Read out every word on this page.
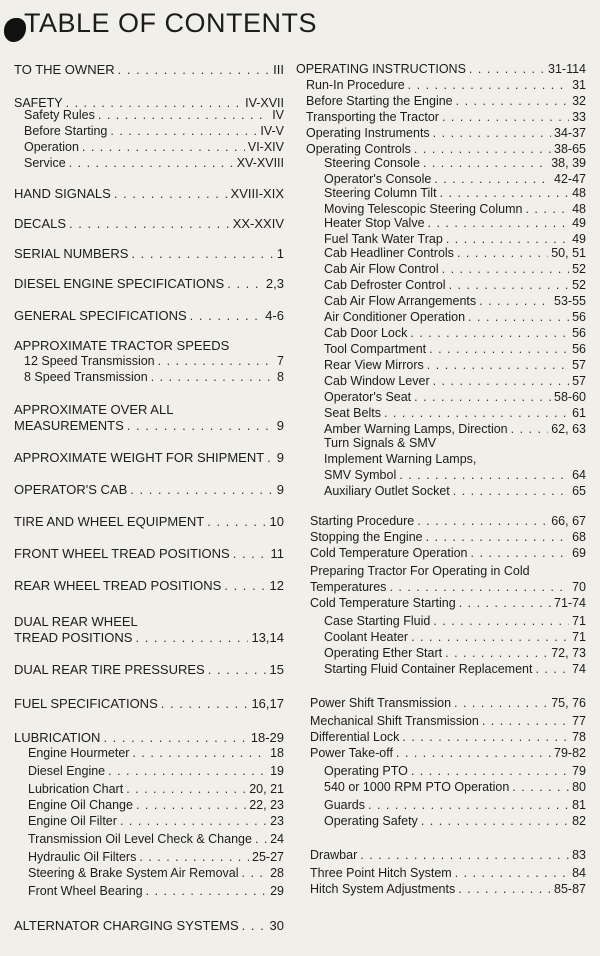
TABLE OF CONTENTS
TO THE OWNER . . .	III
SAFETY . . .	IV-XVII
Safety Rules . . .	IV
Before Starting . . .	IV-V
Operation . . .	VI-XIV
Service . . .	XV-XVIII
HAND SIGNALS . . .	XVIII-XIX
DECALS . . .	XX-XXIV
SERIAL NUMBERS . . .	1
DIESEL ENGINE SPECIFICATIONS . . .	2,3
GENERAL SPECIFICATIONS . . .	4-6
APPROXIMATE TRACTOR SPEEDS
12 Speed Transmission . . .	7
8 Speed Transmission . . .	8
APPROXIMATE OVER ALL
MEASUREMENTS . . .	9
APPROXIMATE WEIGHT FOR SHIPMENT . . . 9
OPERATOR'S CAB . . .	9
TIRE AND WHEEL EQUIPMENT . . .	10
FRONT WHEEL TREAD POSITIONS . . .	11
REAR WHEEL TREAD POSITIONS . . .	12
DUAL REAR WHEEL
TREAD POSITIONS . . .	13,14
DUAL REAR TIRE PRESSURES . . .	15
FUEL SPECIFICATIONS . . .	16,17
LUBRICATION . . .	18-29
Engine Hourmeter . . .	18
Diesel Engine . . .	19
Lubrication Chart . . .	20, 21
Engine Oil Change . . .	22, 23
Engine Oil Filter . . .	23
Transmission Oil Level Check & Change . . . 24
Hydraulic Oil Filters . . .	25-27
Steering & Brake System Air Removal . . .	28
Front Wheel Bearing . . .	29
ALTERNATOR CHARGING SYSTEMS . . . 30
OPERATING INSTRUCTIONS . . .	31-114
Run-In Procedure . . .	31
Before Starting the Engine . . .	32
Transporting the Tractor . . .	33
Operating Instruments . . .	34-37
Operating Controls . . .	38-65
Steering Console . . .	38, 39
Operator's Console . . .	42-47
Steering Column Tilt . . .	48
Moving Telescopic Steering Column . . .	48
Heater Stop Valve . . .	49
Fuel Tank Water Trap . . .	49
Cab Headliner Controls . . .	50, 51
Cab Air Flow Control . . .	52
Cab Defroster Control . . .	52
Cab Air Flow Arrangements . . .	53-55
Air Conditioner Operation . . .	56
Cab Door Lock . . .	56
Tool Compartment . . .	56
Rear View Mirrors . . .	57
Cab Window Lever . . .	57
Operator's Seat . . .	58-60
Seat Belts . . .	61
Amber Warning Lamps, Direction . . .	62, 63
Turn Signals & SMV
Implement Warning Lamps,
SMV Symbol . . .	64
Auxiliary Outlet Socket . . .	65
Starting Procedure . . .	66, 67
Stopping the Engine . . .	68
Cold Temperature Operation . . .	69
Preparing Tractor For Operating in Cold
Temperatures . . .	70
Cold Temperature Starting . . .	71-74
Case Starting Fluid . . .	71
Coolant Heater . . .	71
Operating Ether Start . . .	72, 73
Starting Fluid Container Replacement . . .	74
Power Shift Transmission . . .	75, 76
Mechanical Shift Transmission . . .	77
Differential Lock . . .	78
Power Take-off . . .	79-82
Operating PTO . . .	79
540 or 1000 RPM PTO Operation . . .	80
Guards . . .	81
Operating Safety . . .	82
Drawbar . . .	83
Three Point Hitch System . . .	84
Hitch System Adjustments . . .	85-87
